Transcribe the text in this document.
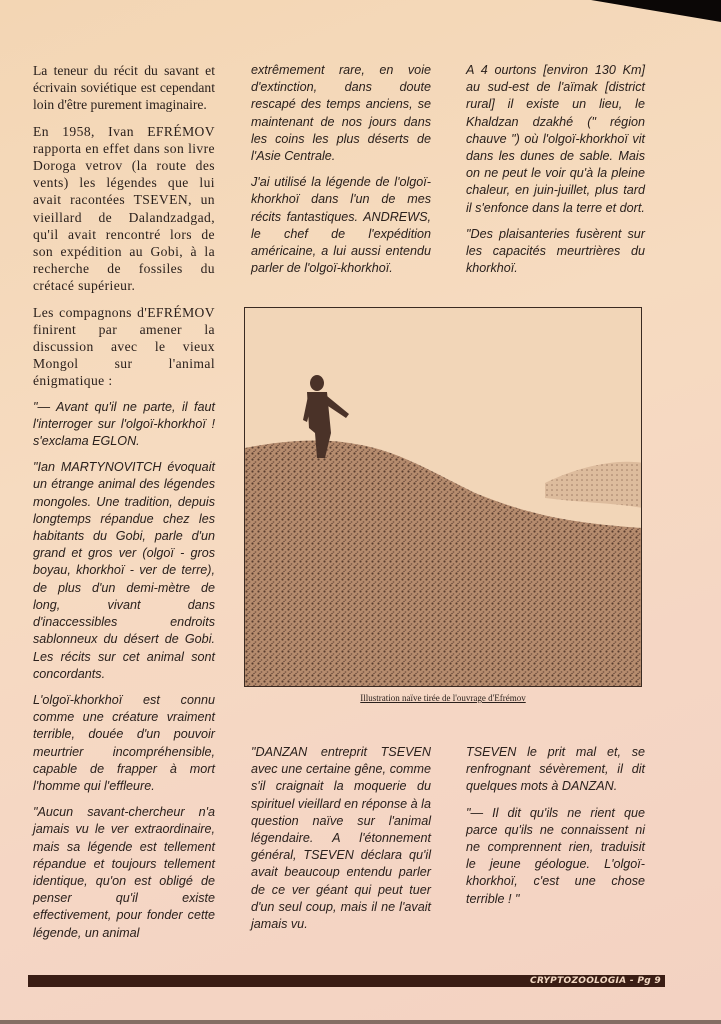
La teneur du récit du savant et écrivain soviétique est cependant loin d'être purement imaginaire.

En 1958, Ivan EFRÉMOV rapporta en effet dans son livre Doroga vetrov (la route des vents) les légendes que lui avait racontées TSEVEN, un vieillard de Dalandzadgad, qu'il avait rencontré lors de son expédition au Gobi, à la recherche de fossiles du crétacé supérieur.

Les compagnons d'EFRÉMOV finirent par amener la discussion avec le vieux Mongol sur l'animal énigmatique :

"— Avant qu'il ne parte, il faut l'interroger sur l'olgoï-khorkhoï ! s'exclama EGLON.

"Ian MARTYNOVITCH évoquait un étrange animal des légendes mongoles. Une tradition, depuis longtemps répandue chez les habitants du Gobi, parle d'un grand et gros ver (olgoï - gros boyau, khorkhoï - ver de terre), de plus d'un demi-mètre de long, vivant dans d'inaccessibles endroits sablonneux du désert de Gobi. Les récits sur cet animal sont concordants.

L'olgoï-khorkhoï est connu comme une créature vraiment terrible, douée d'un pouvoir meurtrier incompréhensible, capable de frapper à mort l'homme qui l'effleure.

"Aucun savant-chercheur n'a jamais vu le ver extraordinaire, mais sa légende est tellement répandue et toujours tellement identique, qu'on est obligé de penser qu'il existe effectivement, pour fonder cette légende, un animal

extrêmement rare, en voie d'extinction, dans doute rescapé des temps anciens, se maintenant de nos jours dans les coins les plus déserts de l'Asie Centrale.

J'ai utilisé la légende de l'olgoï-khorkhoï dans l'un de mes récits fantastiques. ANDREWS, le chef de l'expédition américaine, a lui aussi entendu parler de l'olgoï-khorkhoï.

A 4 ourtons [environ 130 Km] au sud-est de l'aïmak [district rural] il existe un lieu, le Khaldzan dzakhé (" région chauve ") où l'olgoï-khorkhoï vit dans les dunes de sable. Mais on ne peut le voir qu'à la pleine chaleur, en juin-juillet, plus tard il s'enfonce dans la terre et dort.

"Des plaisanteries fusèrent sur les capacités meurtrières du khorkhoï.

Illustration naïve tirée de l'ouvrage d'Efrémov

"DANZAN entreprit TSEVEN avec une certaine gêne, comme s'il craignait la moquerie du spirituel vieillard en réponse à la question naïve sur l'animal légendaire. A l'étonnement général, TSEVEN déclara qu'il avait beaucoup entendu parler de ce ver géant qui peut tuer d'un seul coup, mais il ne l'avait jamais vu.

TSEVEN le prit mal et, se renfrognant sévèrement, il dit quelques mots à DANZAN.

"— Il dit qu'ils ne rient que parce qu'ils ne connaissent ni ne comprennent rien, traduisit le jeune géologue. L'olgoï-khorkhoï, c'est une chose terrible ! "

CRYPTOZOOLOGIA - Pg 9
